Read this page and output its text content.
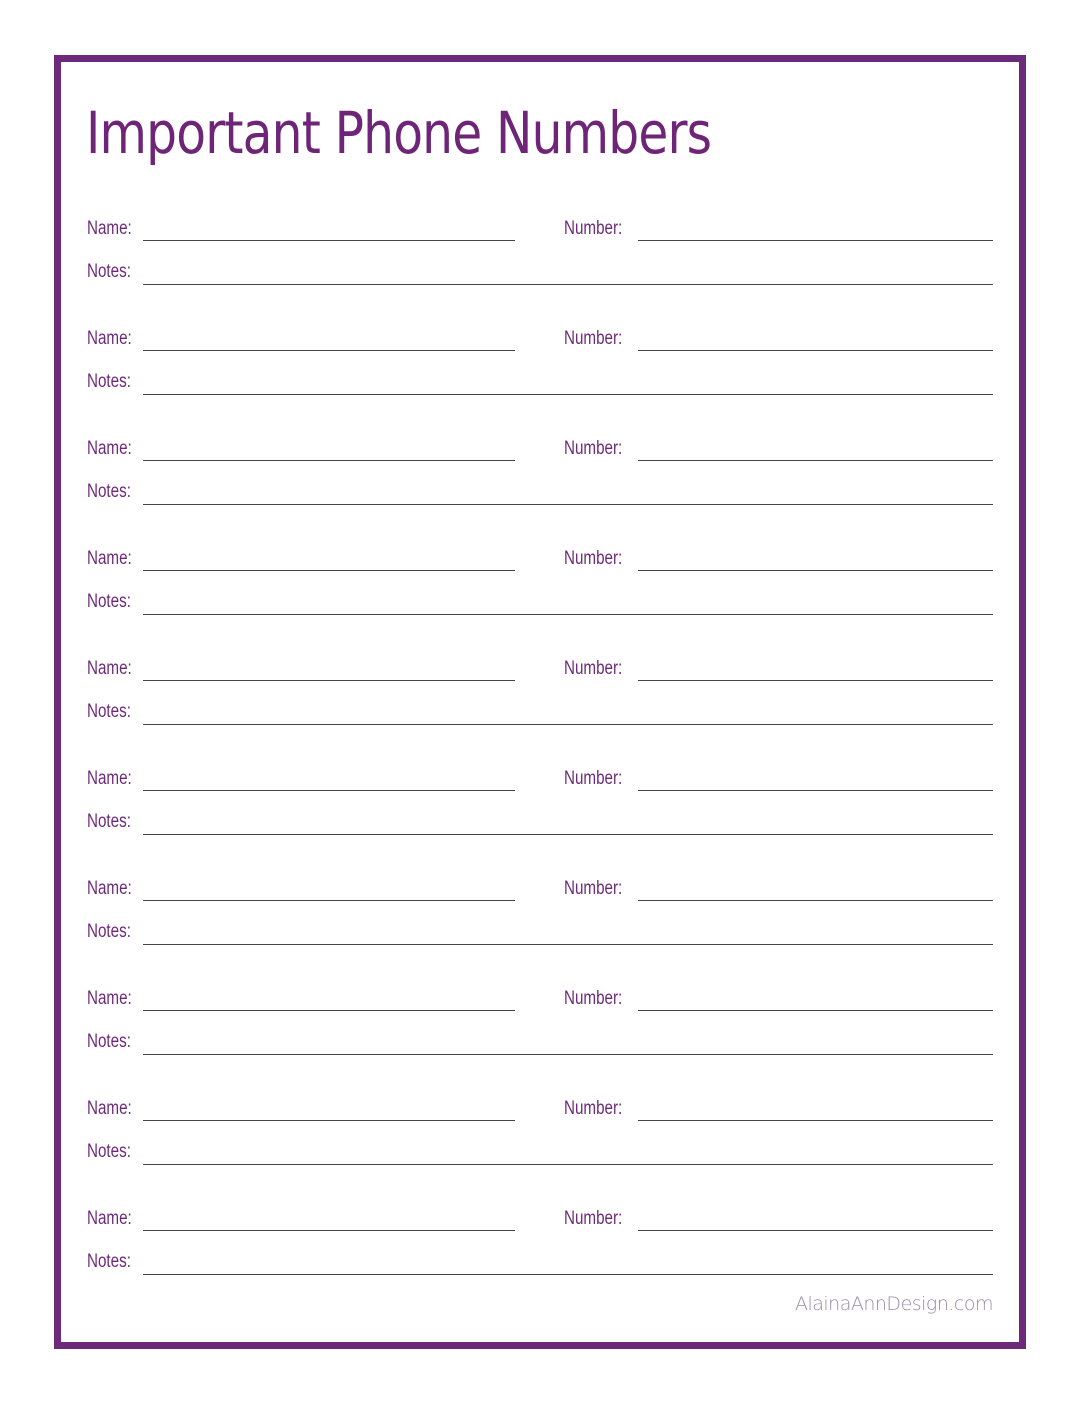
Important Phone Numbers
Name:	Number:
Notes:
Name:	Number:
Notes:
Name:	Number:
Notes:
Name:	Number:
Notes:
Name:	Number:
Notes:
Name:	Number:
Notes:
Name:	Number:
Notes:
Name:	Number:
Notes:
Name:	Number:
Notes:
Name:	Number:
Notes:
AlainaAnnDesign.com
